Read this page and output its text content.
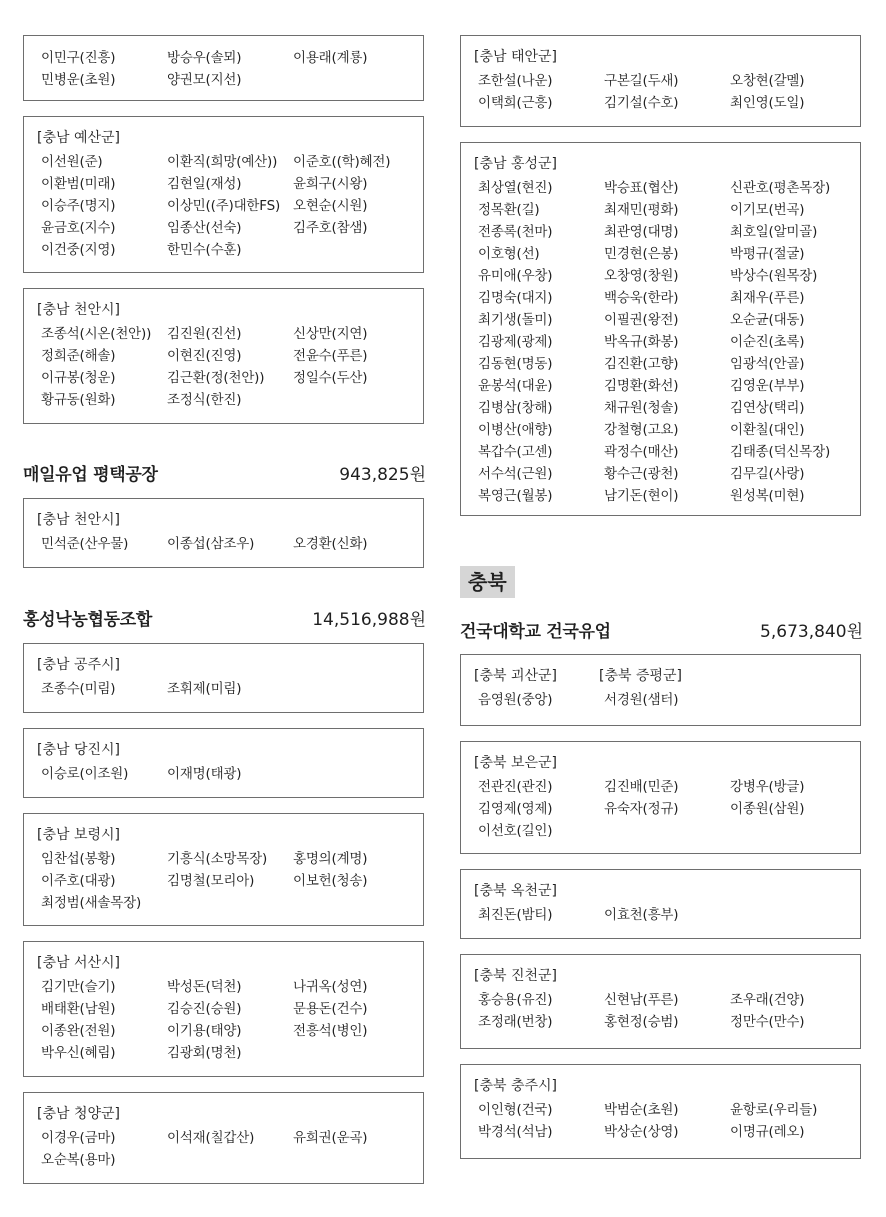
이민구(진흥)	방승우(솔뫼)	이용래(계룡)
민병운(초원)	양권모(지선)
[충남 예산군]
이선원(준)	이환직(희망(예산)) 이준호((학)혜전)
이환범(미래)	김현일(재성)	윤희구(시왕)
이승주(명지)	이상민((주)대한FS) 오현순(시원)
윤금호(지수)	임종산(선숙)	김주호(참샘)
이건중(지영)	한민수(수훈)
[충남 천안시]
조종석(시온(천안)) 김진원(진선)	신상만(지연)
정희준(해솔)	이현진(진영)	전윤수(푸른)
이규봉(청운)	김근환(정(천안)) 정일수(두산)
황규동(원화)	조정식(한진)
매일유업 평택공장	943,825원
[충남 천안시]
민석준(산우물)	이종섭(삼조우)	오경환(신화)
홍성낙농협동조합	14,516,988원
[충남 공주시]
조종수(미림)	조휘제(미림)
[충남 당진시]
이승로(이조원)	이재명(태광)
[충남 보령시]
임찬섭(봉황)	기흥식(소망목장) 홍명의(계명)
이주호(대광)	김명철(모리아)	이보헌(청송)
최정범(새솔목장)
[충남 서산시]
김기만(슬기)	박성돈(덕천)	나귀옥(성연)
배태환(남원)	김승진(승원)	문용돈(건수)
이종완(전원)	이기용(태양)	전흥석(병인)
박우신(혜림)	김광회(명천)
[충남 청양군]
이경우(금마)	이석재(칠갑산)	유희권(운곡)
오순복(용마)
[충남 태안군]
조한설(나운)	구본길(두새)	오창현(갈멜)
이택희(근흥)	김기설(수호)	최인영(도일)
[충남 홍성군]
최상열(현진)	박승표(협산)	신관호(평촌목장)
정목환(길)	최재민(평화)	이기모(번곡)
전종록(천마)	최관영(대명)	최호일(알미골)
이호형(선)	민경현(은봉)	박평규(절굴)
유미애(우창)	오창영(창원)	박상수(원목장)
김명숙(대지)	백승욱(한라)	최재우(푸른)
최기생(돌미)	이필권(왕전)	오순균(대동)
김광제(광제)	박옥규(화봉)	이순진(초록)
김동현(명동)	김진환(고향)	임광석(안골)
윤봉석(대윤)	김명환(화선)	김영운(부부)
김병삼(창해)	채규원(청솔)	김연상(택리)
이병산(애향)	강철형(고요)	이환칠(대인)
복갑수(고센)	곽정수(매산)	김태종(덕신목장)
서수석(근원)	황수근(광천)	김무길(사랑)
복영근(월봉)	남기돈(현이)	원성복(미현)
충북
건국대학교 건국유업	5,673,840원
[충북 괴산군]	[충북 증평군]
음영원(중앙)	서경원(샘터)
[충북 보은군]
전관진(관진)	김진배(민준)	강병우(방글)
김영제(영제)	유숙자(정규)	이종원(삼원)
이선호(길인)
[충북 옥천군]
최진돈(밤티)	이효천(흥부)
[충북 진천군]
홍승용(유진)	신현남(푸른)	조우래(건양)
조정래(번창)	홍현정(승범)	정만수(만수)
[충북 충주시]
이인형(건국)	박범순(초원)	윤항로(우리들)
박경석(석남)	박상순(상영)	이명규(레오)
